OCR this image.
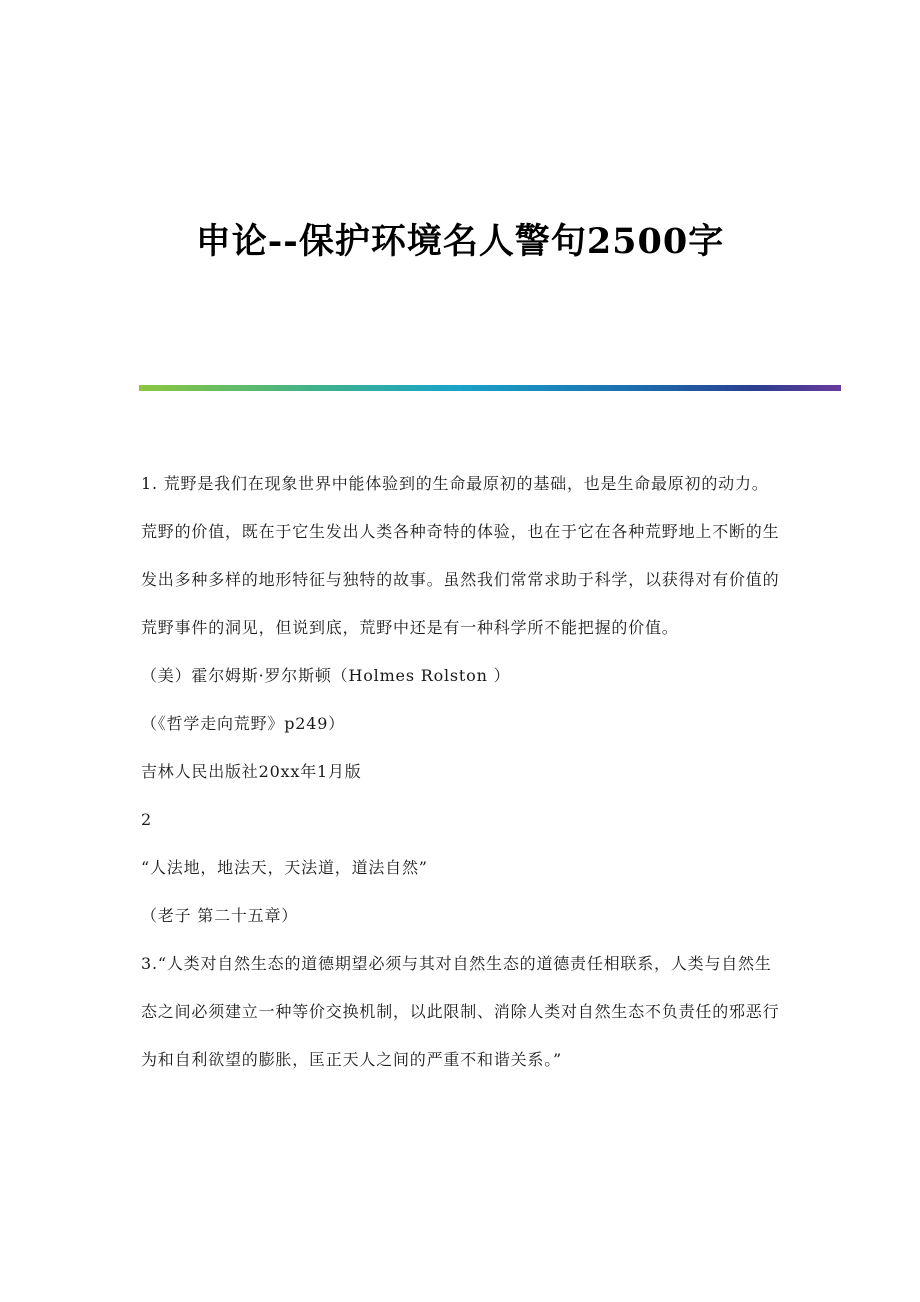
申论--保护环境名人警句2500字

1. 荒野是我们在现象世界中能体验到的生命最原初的基础，也是生命最原初的动力。荒野的价值，既在于它生发出人类各种奇特的体验，也在于它在各种荒野地上不断的生发出多种多样的地形特征与独特的故事。虽然我们常常求助于科学，以获得对有价值的荒野事件的洞见，但说到底，荒野中还是有一种科学所不能把握的价值。

（美）霍尔姆斯·罗尔斯顿（Holmes Rolston ）

（《哲学走向荒野》p249）

吉林人民出版社20xx年1月版

2

“人法地，地法天，天法道，道法自然”

（老子 第二十五章）

3.“人类对自然生态的道德期望必须与其对自然生态的道德责任相联系，人类与自然生态之间必须建立一种等价交换机制，以此限制、消除人类对自然生态不负责任的邪恶行为和自利欲望的膨胀，匡正天人之间的严重不和谐关系。”
